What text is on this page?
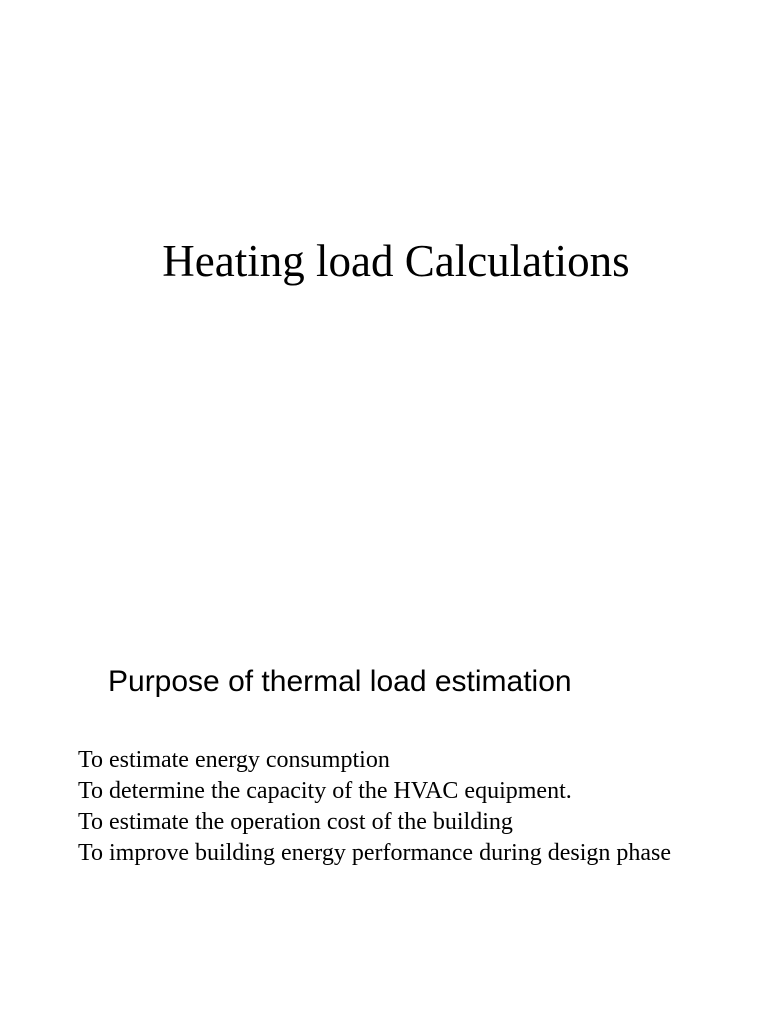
Heating load Calculations
Purpose of thermal load estimation
To estimate energy consumption
To determine the capacity of the HVAC equipment.
To estimate the operation cost of the building
To improve building energy performance during design phase
